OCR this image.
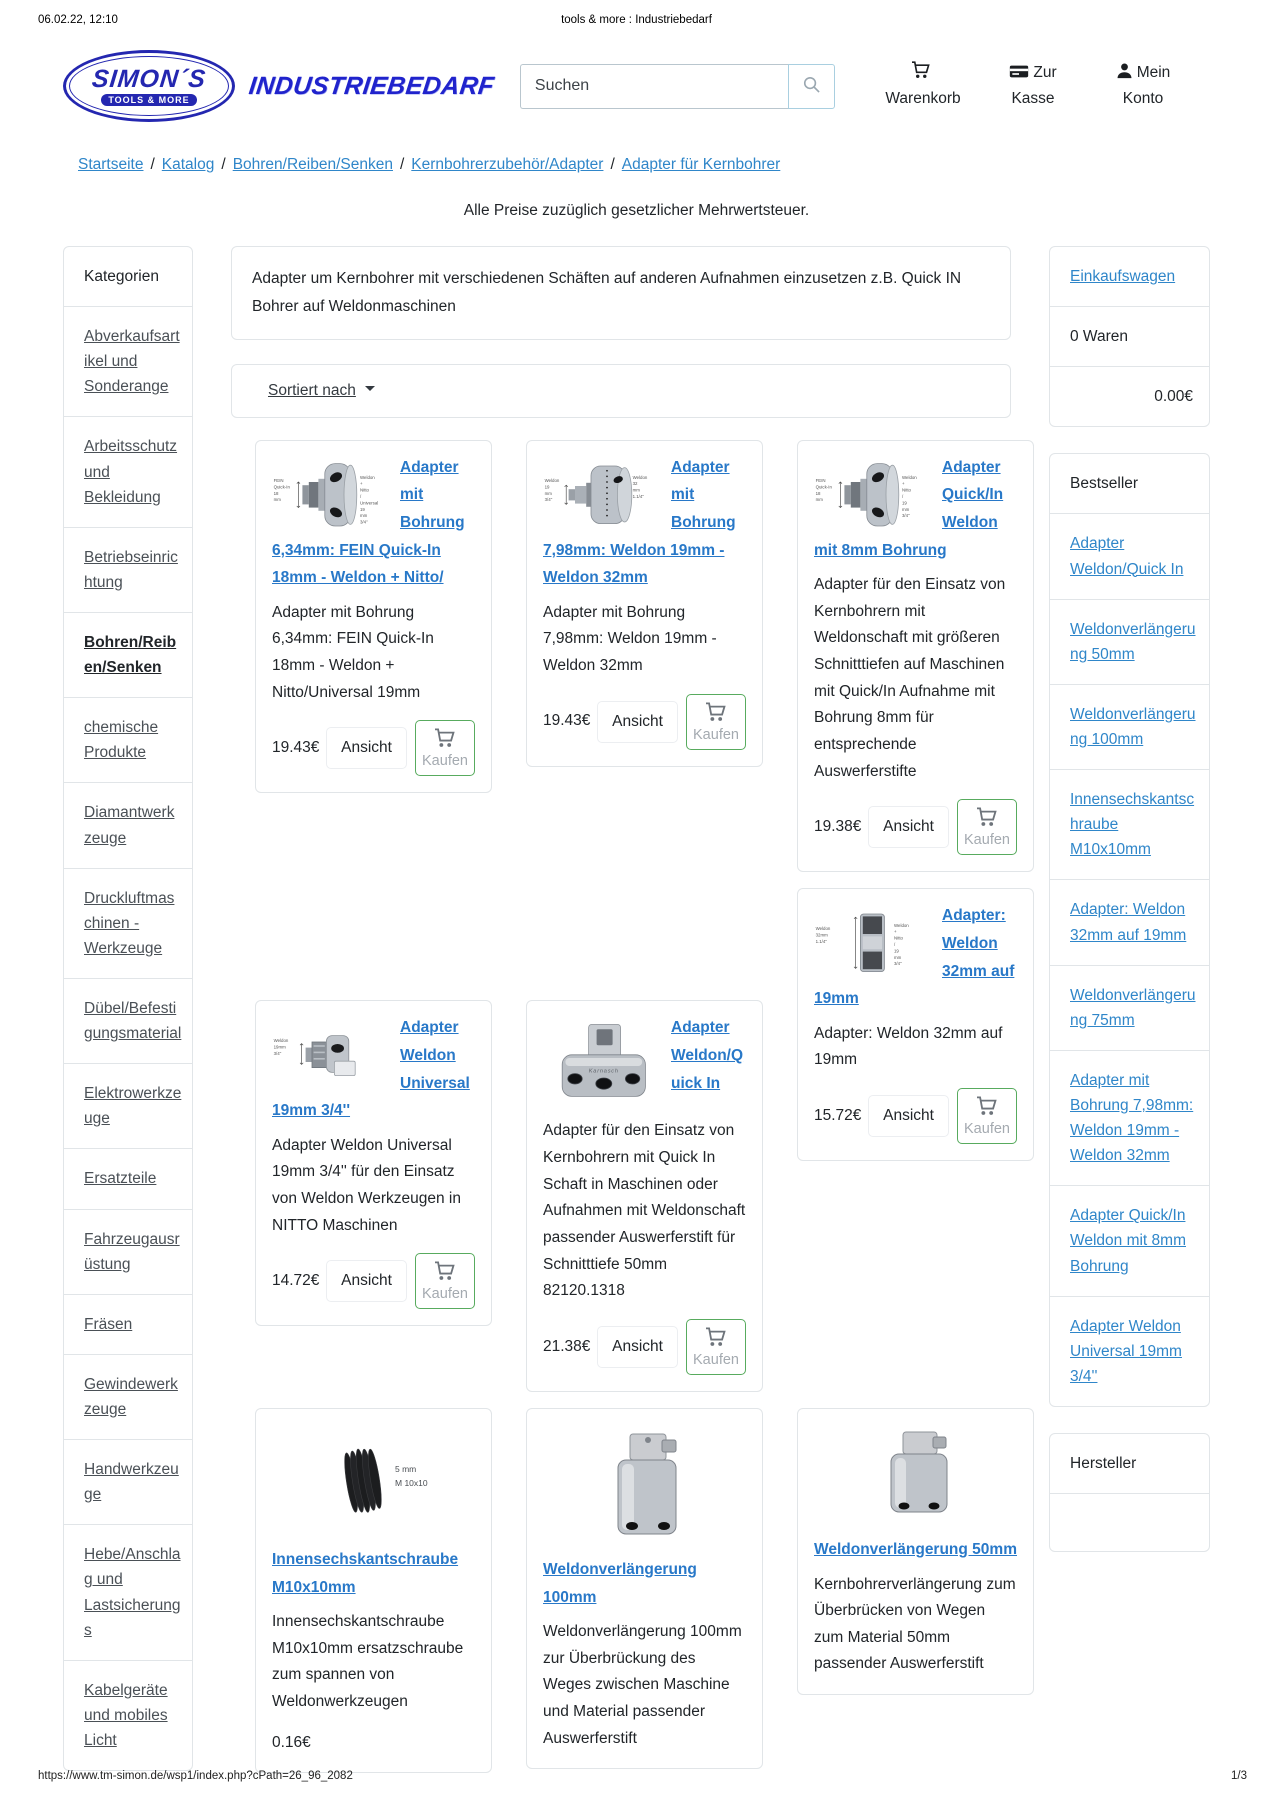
06.02.22, 12:10	tools & more : Industriebedarf
SIMON´S
TOOLS & MORE INDUSTRIEBEDARF
Suchen	Warenkorb
Zur Kasse
Mein Konto
Startseite / Katalog / Bohren/Reiben/Senken / Kernbohrerzubehör/Adapter / Adapter für Kernbohrer

Alle Preise zuzüglich gesetzlicher Mehrwertsteuer.

Kategorien
Abverkaufsartikel und Sonderange
Arbeitsschutz und Bekleidung
Betriebseinrichtung
Bohren/Reiben/Senken
chemische Produkte
Diamantwerkzeuge
Druckluftmaschinen - Werkzeuge
Dübel/Befestigungsmaterial
Elektrowerkzeuge
Ersatzteile
Fahrzeugausrüstung
Fräsen
Gewindewerkzeuge
Handwerkzeuge
Hebe/Anschlag und Lastsicherungs
Kabelgeräte und mobiles Licht
Adapter um Kernbohrer mit verschiedenen Schäften auf anderen Aufnahmen einzusetzen z.B. Quick IN Bohrer auf Weldonmaschinen
Sortiert nach
FEIN
Quick-In
18
mm
Weldon
+
Nitto
/
Universal
19
mm
3/4''
Adapter mit Bohrung 6,34mm: FEIN Quick-In 18mm - Weldon + Nitto/

Adapter mit Bohrung 6,34mm: FEIN Quick-In 18mm - Weldon + Nitto/Universal 19mm

19.43€	Ansicht
Kaufen
Weldon
19
mm
3/4''
Weldon
32
mm
1.1/4''
Adapter mit Bohrung 7,98mm: Weldon 19mm - Weldon 32mm

Adapter mit Bohrung 7,98mm: Weldon 19mm - Weldon 32mm

19.43€	Ansicht
Kaufen
FEIN
Quick-In
18
mm
Weldon
+
Nitto
/
19
mm
3/4''
Adapter Quick/In Weldon mit 8mm Bohrung

Adapter für den Einsatz von Kernbohrern mit Weldonschaft mit größeren Schnitttiefen auf Maschinen mit Quick/In Aufnahme mit Bohrung 8mm für entsprechende Auswerferstifte

19.38€	Ansicht
Kaufen
Weldon
19mm
3/4''
Adapter Weldon Universal 19mm 3/4''

Adapter Weldon Universal 19mm 3/4'' für den Einsatz von Weldon Werkzeugen in NITTO Maschinen

14.72€	Ansicht
Kaufen
Karnasch
Adapter Weldon/Quick In

Adapter für den Einsatz von Kernbohrern mit Quick In Schaft in Maschinen oder Aufnahmen mit Weldonschaft passender Auswerferstift für Schnitttiefe 50mm 82120.1318

21.38€	Ansicht
Kaufen
Weldon
32mm
1.1/4''
Weldon
+
Nitto
/
19
mm
3/4''
Adapter: Weldon 32mm auf 19mm

Adapter: Weldon 32mm auf 19mm

15.72€	Ansicht
Kaufen
5 mm
M 10x10
Innensechskantschraube M10x10mm

Innensechskantschraube M10x10mm ersatzschraube zum spannen von Weldonwerkzeugen

0.16€
Weldonverlängerung 100mm

Weldonverlängerung 100mm zur Überbrückung des Weges zwischen Maschine und Material passender Auswerferstift

Weldonverlängerung 50mm

Kernbohrerverlängerung zum Überbrücken von Wegen zum Material 50mm passender Auswerferstift

Einkaufswagen
0 Waren
0.00€
Bestseller
Adapter Weldon/Quick In
Weldonverlängerung 50mm
Weldonverlängerung 100mm
Innensechskantschraube M10x10mm
Adapter: Weldon 32mm auf 19mm
Weldonverlängerung 75mm
Adapter mit Bohrung 7,98mm: Weldon 19mm - Weldon 32mm
Adapter Quick/In Weldon mit 8mm Bohrung
Adapter Weldon Universal 19mm 3/4''
Hersteller
https://www.tm-simon.de/wsp1/index.php?cPath=26_96_2082	1/3
